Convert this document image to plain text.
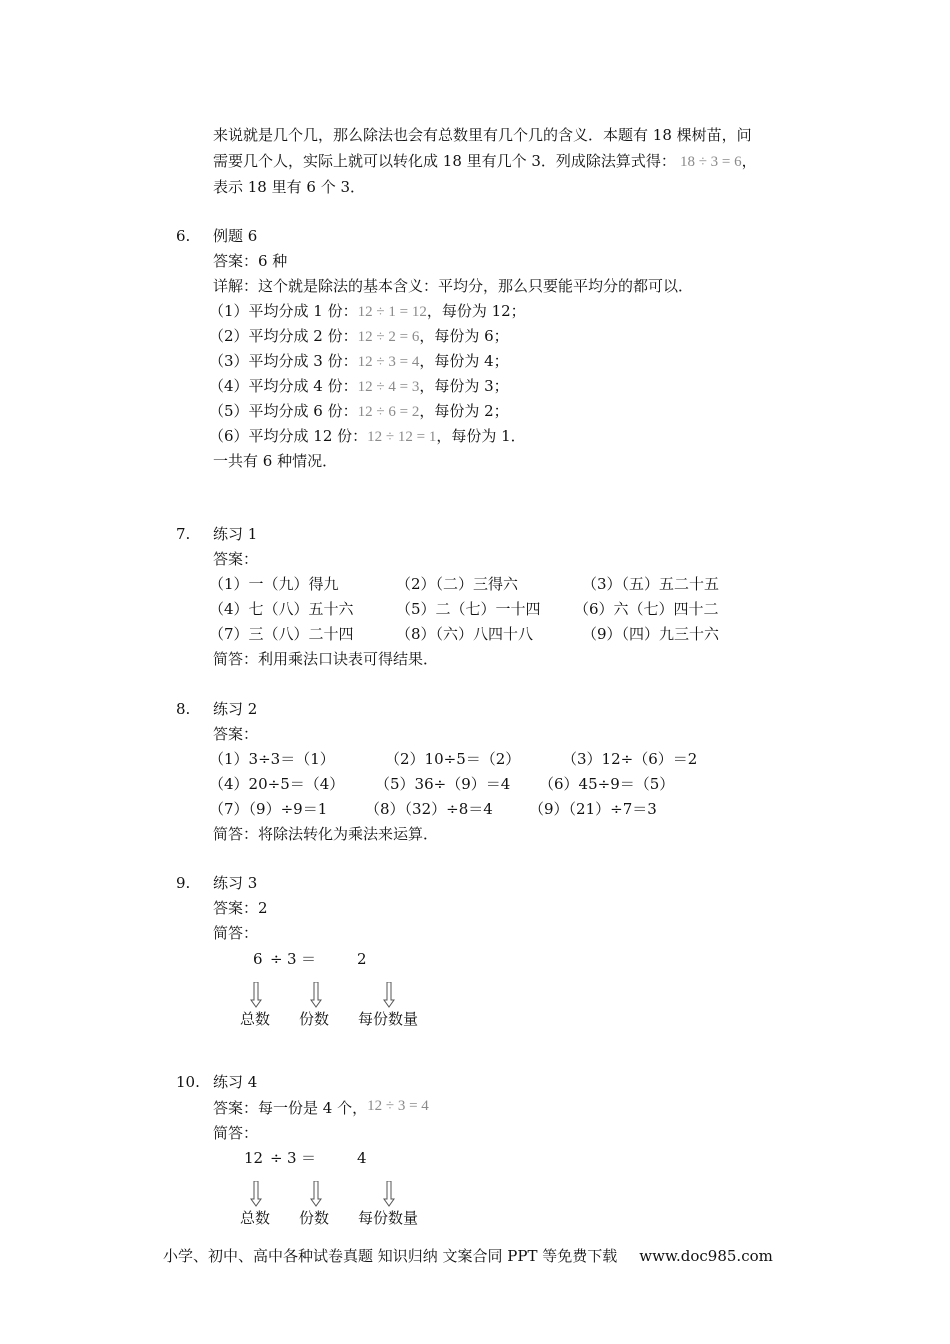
来说就是几个几，那么除法也会有总数里有几个几的含义．本题有 18 棵树苗，问
需要几个人，实际上就可以转化成 18 里有几个 3．列成除法算式得： 18 ÷ 3 = 6，
表示 18 里有 6 个 3．
6. 例题 6
答案：6 种
详解：这个就是除法的基本含义：平均分，那么只要能平均分的都可以．
（1）平均分成 1 份：12 ÷ 1 = 12，每份为 12；
（2）平均分成 2 份：12 ÷ 2 = 6，每份为 6；
（3）平均分成 3 份：12 ÷ 3 = 4，每份为 4；
（4）平均分成 4 份：12 ÷ 4 = 3，每份为 3；
（5）平均分成 6 份：12 ÷ 6 = 2，每份为 2；
（6）平均分成 12 份：12 ÷ 12 = 1，每份为 1．
一共有 6 种情况．
7. 练习 1
答案：
（1）一（九）得九	（2）（二）三得六	（3）（五）五二十五
（4）七（八）五十六	（5）二（七）一十四 （6）六（七）四十二
（7）三（八）二十四	（8）（六）八四十八	（9）（四）九三十六
简答：利用乘法口诀表可得结果．
8. 练习 2
答案：
（1）3÷3＝（1）	（2）10÷5＝（2）	（3）12÷（6）＝2
（4）20÷5＝（4） （5）36÷（9）＝4 （6）45÷9＝（5）
（7）（9）÷9＝1	（8）（32）÷8＝4 （9）（21）÷7＝3
简答：将除法转化为乘法来运算．
9. 练习 3
答案：2
简答：
6 ÷ 3 ＝	2
总数 份数 每份数量
10. 练习 4
答案：每一份是 4 个，12 ÷ 3 = 4
简答：
12 ÷ 3 ＝	4
总数 份数 每份数量
小学、初中、高中各种试卷真题 知识归纳 文案合同 PPT 等免费下载 www.doc985.com
